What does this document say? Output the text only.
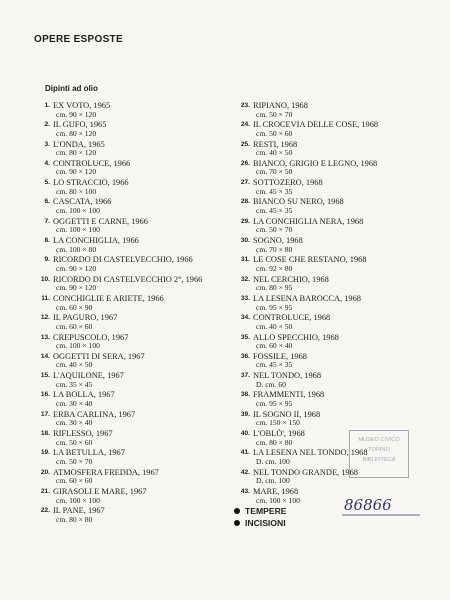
OPERE ESPOSTE
Dipinti ad olio
1. EX VOTO, 1965
cm. 90 × 120
2. IL GUFO, 1965
cm. 80 × 120
3. L'ONDA, 1965
cm. 80 × 120
4. CONTROLUCE, 1966
cm. 90 × 120
5. LO STRACCIO, 1966
cm. 80 × 100
6. CASCATA, 1966
cm. 100 × 100
7. OGGETTI E CARNE, 1966
cm. 100 × 100
8. LA CONCHIGLIA, 1966
cm. 100 × 80
9. RICORDO DI CASTELVECCHIO, 1966
cm. 90 × 120
10. RICORDO DI CASTELVECCHIO 2°, 1966
cm. 90 × 120
11. CONCHIGLIE E ARIETE, 1966
cm. 60 × 90
12. IL PAGURO, 1967
cm. 60 × 60
13. CREPUSCOLO, 1967
cm. 100 × 100
14. OGGETTI DI SERA, 1967
cm. 40 × 50
15. L'AQUILONE, 1967
cm. 35 × 45
16. LA BOLLA, 1967
cm. 30 × 40
17. ERBA CARLINA, 1967
cm. 30 × 40
18. RIFLESSO, 1967
cm. 50 × 60
19. LA BETULLA, 1967
cm. 50 × 70
20. ATMOSFERA FREDDA, 1967
cm. 60 × 60
21. GIRASOLI E MARE, 1967
cm. 100 × 100
22. IL PANE, 1967
cm. 80 × 80
23. RIPIANO, 1968
cm. 50 × 70
24. IL CROCEVIA DELLE COSE, 1968
cm. 50 × 60
25. RESTI, 1968
cm. 40 × 50
26. BIANCO, GRIGIO E LEGNO, 1968
cm. 70 × 50
27. SOTTOZERO, 1968
cm. 45 × 35
28. BIANCO SU NERO, 1968
cm. 45 × 35
29. LA CONCHIGLIA NERA, 1968
cm. 50 × 70
30. SOGNO, 1968
cm. 70 × 80
31. LE COSE CHE RESTANO, 1968
cm. 92 × 80
32. NEL CERCHIO, 1968
cm. 80 × 95
33. LA LESENA BAROCCA, 1968
cm. 95 × 95
34. CONTROLUCE, 1968
cm. 40 × 50
35. ALLO SPECCHIO, 1968
cm. 60 × 40
36. FOSSILE, 1968
cm. 45 × 35
37. NEL TONDO, 1968
D. cm. 60
38. FRAMMENTI, 1968
cm. 95 × 95
39. IL SOGNO II, 1968
cm. 150 × 150
40. L'OBLÒ', 1968
cm. 80 × 80
41. LA LESENA NEL TONDO, 1968
D. cm. 100
42. NEL TONDO GRANDE, 1968
D. cm. 100
43. MARE, 1968
cm. 100 × 100
TEMPERE
INCISIONI
MUSEO CIVICO
TORINO
BIBLIOTECA
86866
